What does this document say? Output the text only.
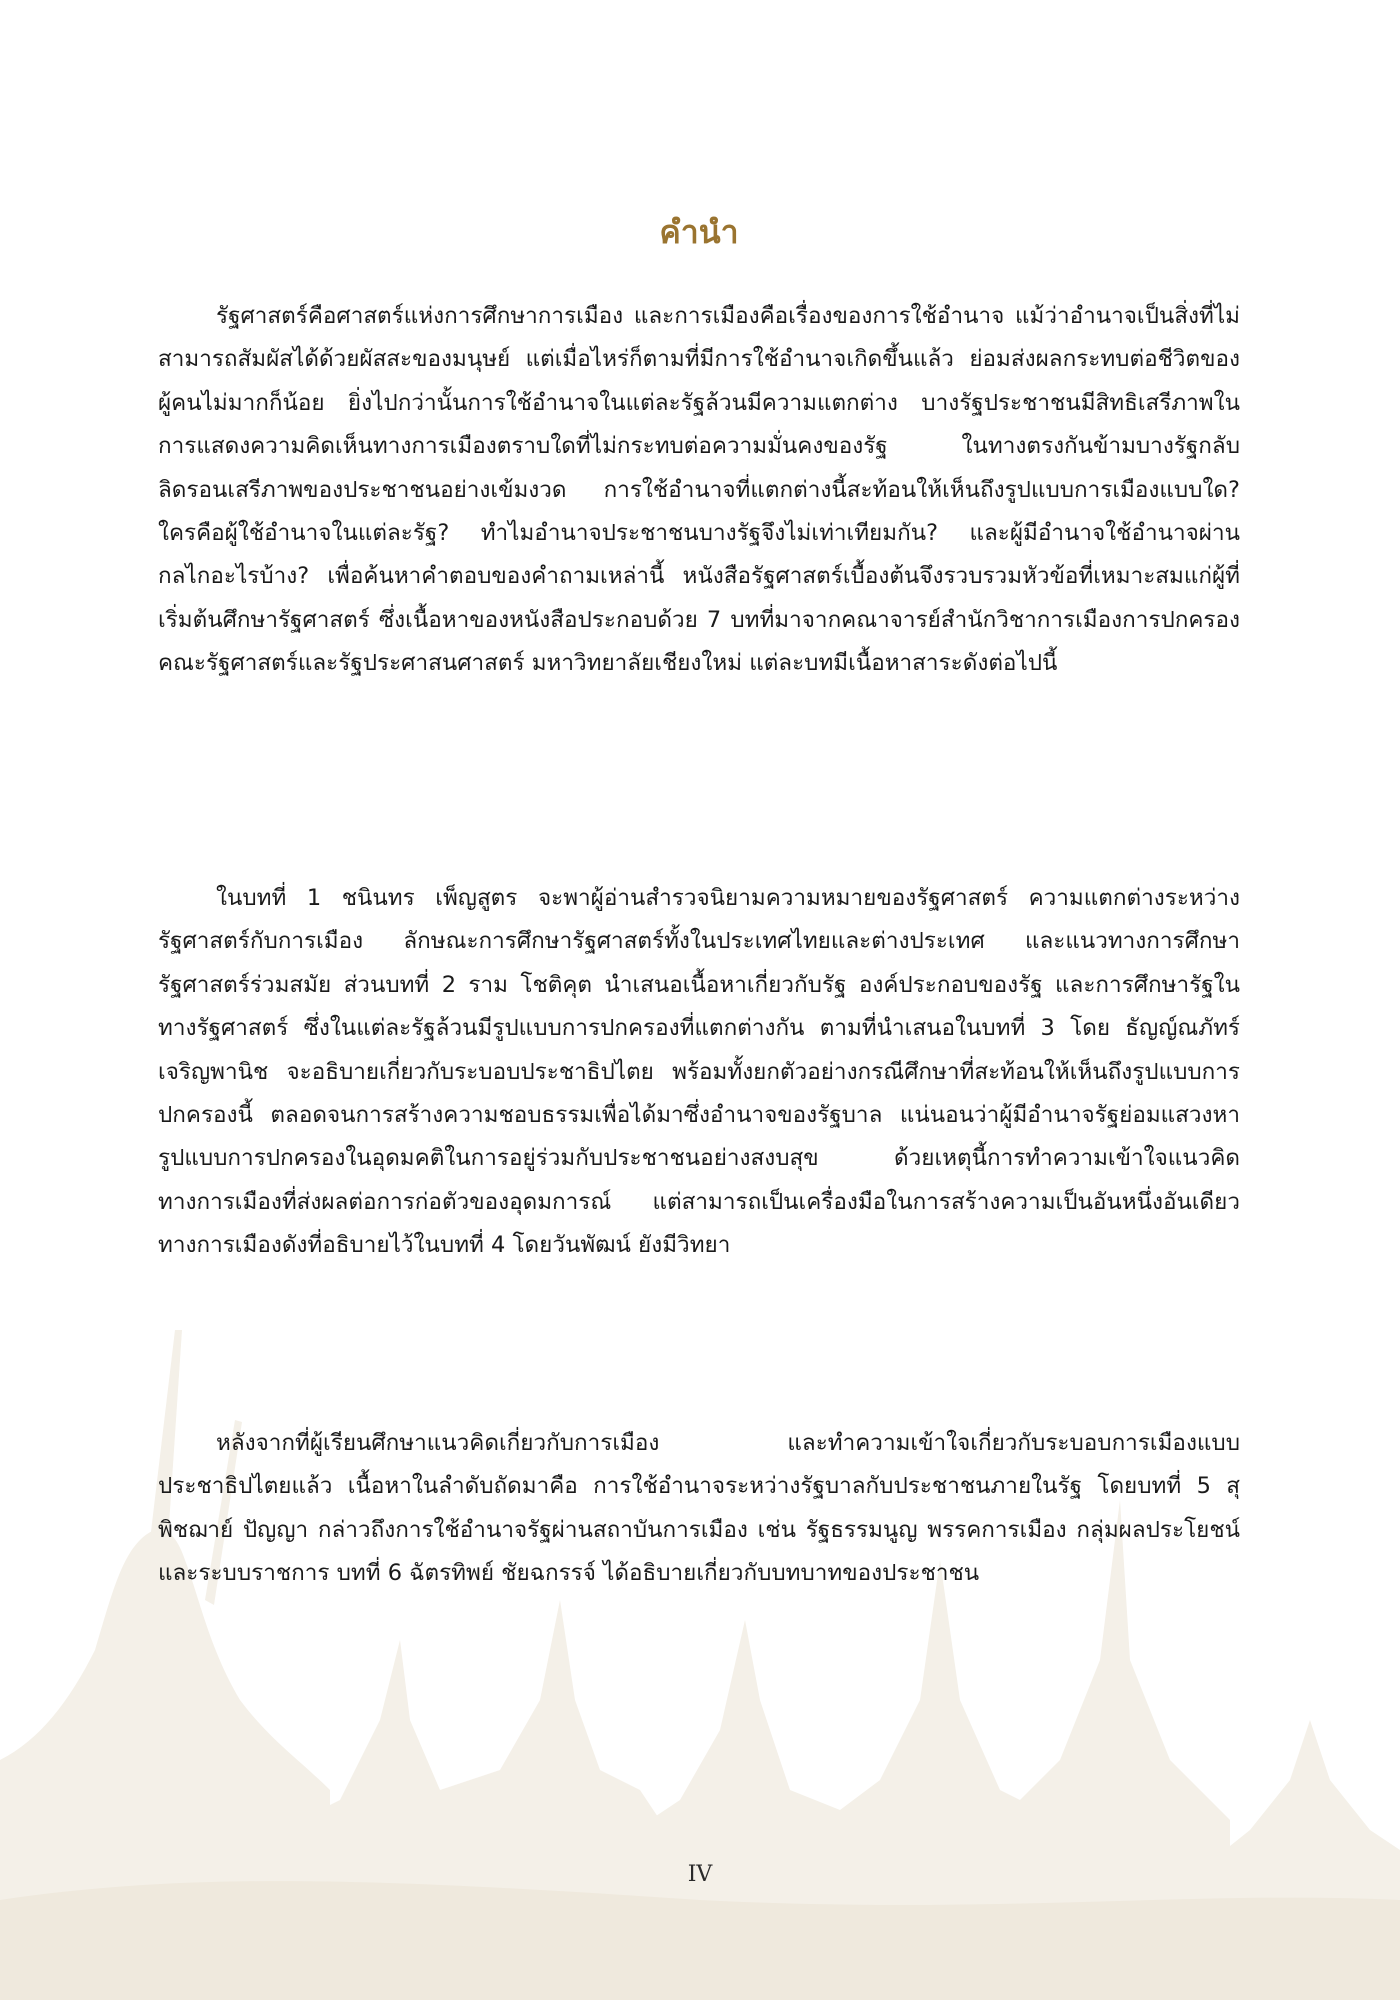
คำนำ

รัฐศาสตร์คือศาสตร์แห่งการศึกษาการเมือง และการเมืองคือเรื่องของการใช้อำนาจ แม้ว่าอำนาจเป็นสิ่งที่ไม่สามารถสัมผัสได้ด้วยผัสสะของมนุษย์ แต่เมื่อไหร่ก็ตามที่มีการใช้อำนาจเกิดขึ้นแล้ว ย่อมส่งผลกระทบต่อชีวิตของผู้คนไม่มากก็น้อย ยิ่งไปกว่านั้นการใช้อำนาจในแต่ละรัฐล้วนมีความแตกต่าง บางรัฐประชาชนมีสิทธิเสรีภาพในการแสดงความคิดเห็นทางการเมืองตราบใดที่ไม่กระทบต่อความมั่นคงของรัฐ ในทางตรงกันข้ามบางรัฐกลับลิดรอนเสรีภาพของประชาชนอย่างเข้มงวด การใช้อำนาจที่แตกต่างนี้สะท้อนให้เห็นถึงรูปแบบการเมืองแบบใด? ใครคือผู้ใช้อำนาจในแต่ละรัฐ? ทำไมอำนาจประชาชนบางรัฐจึงไม่เท่าเทียมกัน? และผู้มีอำนาจใช้อำนาจผ่านกลไกอะไรบ้าง? เพื่อค้นหาคำตอบของคำถามเหล่านี้ หนังสือรัฐศาสตร์เบื้องต้นจึงรวบรวมหัวข้อที่เหมาะสมแก่ผู้ที่เริ่มต้นศึกษารัฐศาสตร์ ซึ่งเนื้อหาของหนังสือประกอบด้วย 7 บทที่มาจากคณาจารย์สำนักวิชาการเมืองการปกครอง คณะรัฐศาสตร์และรัฐประศาสนศาสตร์ มหาวิทยาลัยเชียงใหม่ แต่ละบทมีเนื้อหาสาระดังต่อไปนี้

ในบทที่ 1 ชนินทร เพ็ญสูตร จะพาผู้อ่านสำรวจนิยามความหมายของรัฐศาสตร์ ความแตกต่างระหว่างรัฐศาสตร์กับการเมือง ลักษณะการศึกษารัฐศาสตร์ทั้งในประเทศไทยและต่างประเทศ และแนวทางการศึกษารัฐศาสตร์ร่วมสมัย ส่วนบทที่ 2 ราม โชติคุต นำเสนอเนื้อหาเกี่ยวกับรัฐ องค์ประกอบของรัฐ และการศึกษารัฐในทางรัฐศาสตร์ ซึ่งในแต่ละรัฐล้วนมีรูปแบบการปกครองที่แตกต่างกัน ตามที่นำเสนอในบทที่ 3 โดย ธัญญ์ณภัทร์ เจริญพานิช จะอธิบายเกี่ยวกับระบอบประชาธิปไตย พร้อมทั้งยกตัวอย่างกรณีศึกษาที่สะท้อนให้เห็นถึงรูปแบบการปกครองนี้ ตลอดจนการสร้างความชอบธรรมเพื่อได้มาซึ่งอำนาจของรัฐบาล แน่นอนว่าผู้มีอำนาจรัฐย่อมแสวงหารูปแบบการปกครองในอุดมคติในการอยู่ร่วมกับประชาชนอย่างสงบสุข ด้วยเหตุนี้การทำความเข้าใจแนวคิดทางการเมืองที่ส่งผลต่อการก่อตัวของอุดมการณ์ แต่สามารถเป็นเครื่องมือในการสร้างความเป็นอันหนึ่งอันเดียวทางการเมืองดังที่อธิบายไว้ในบทที่ 4 โดยวันพัฒน์ ยังมีวิทยา

หลังจากที่ผู้เรียนศึกษาแนวคิดเกี่ยวกับการเมือง และทำความเข้าใจเกี่ยวกับระบอบการเมืองแบบประชาธิปไตยแล้ว เนื้อหาในลำดับถัดมาคือ การใช้อำนาจระหว่างรัฐบาลกับประชาชนภายในรัฐ โดยบทที่ 5 สุพิชฌาย์ ปัญญา กล่าวถึงการใช้อำนาจรัฐผ่านสถาบันการเมือง เช่น รัฐธรรมนูญ พรรคการเมือง กลุ่มผลประโยชน์ และระบบราชการ บทที่ 6 ฉัตรทิพย์ ชัยฉกรรจ์ ได้อธิบายเกี่ยวกับบทบาทของประชาชน

IV
